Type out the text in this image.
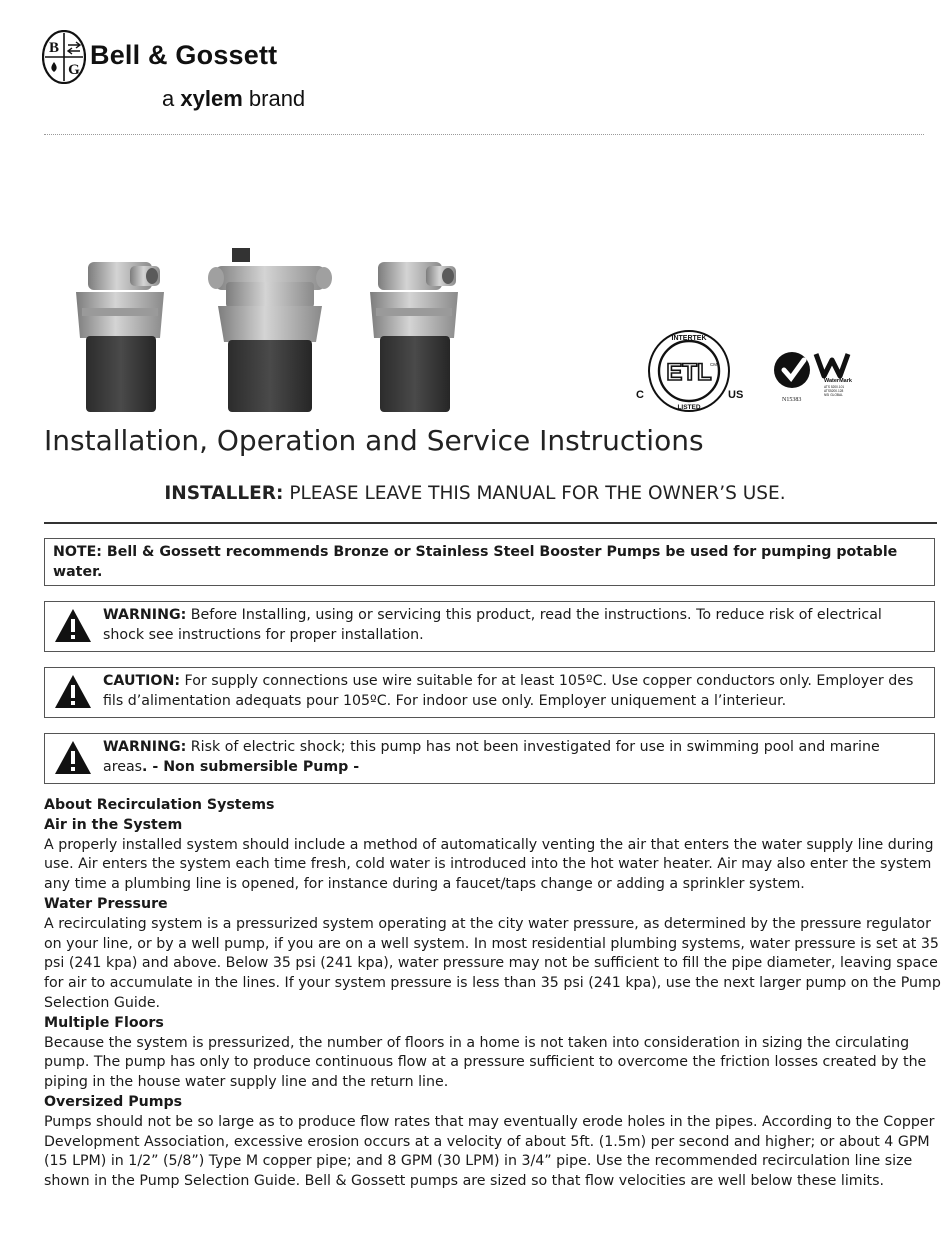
B
G Bell & Gossett
a xylem brand
INTERTEK
ETL
LISTED
C	US
CM
WaterMark
ATS 5200.101
ATS5200.128
NSI GLOBAL
N15383
Installation, Operation and Service Instructions
INSTALLER: PLEASE LEAVE THIS MANUAL FOR THE OWNER’S USE.
NOTE: Bell & Gossett recommends Bronze or Stainless Steel Booster Pumps be used for pumping potable water.
WARNING: Before Installing, using or servicing this product, read the instructions. To reduce risk of electrical shock see instructions for proper installation.
CAUTION: For supply connections use wire suitable for at least 105ºC. Use copper conductors only. Employer des fils d’alimentation adequats pour 105ºC. For indoor use only. Employer uniquement a l’interieur.
WARNING: Risk of electric shock; this pump has not been investigated for use in swimming pool and marine areas. - Non submersible Pump -
About Recirculation Systems
Air in the System

A properly installed system should include a method of automatically venting the air that enters the water supply line during use. Air enters the system each time fresh, cold water is introduced into the hot water heater. Air may also enter the system any time a plumbing line is opened, for instance during a faucet/taps change or adding a sprinkler system.

Water Pressure

A recirculating system is a pressurized system operating at the city water pressure, as determined by the pressure regulator on your line, or by a well pump, if you are on a well system. In most residential plumbing systems, water pressure is set at 35 psi (241 kpa) and above. Below 35 psi (241 kpa), water pressure may not be sufficient to fill the pipe diameter, leaving space for air to accumulate in the lines. If your system pressure is less than 35 psi (241 kpa), use the next larger pump on the Pump Selection Guide.

Multiple Floors

Because the system is pressurized, the number of floors in a home is not taken into consideration in sizing the circulating pump. The pump has only to produce continuous flow at a pressure sufficient to overcome the friction losses created by the piping in the house water supply line and the return line.

Oversized Pumps

Pumps should not be so large as to produce flow rates that may eventually erode holes in the pipes. According to the Copper Development Association, excessive erosion occurs at a velocity of about 5ft. (1.5m) per second and higher; or about 4 GPM (15 LPM) in 1/2” (5/8”) Type M copper pipe; and 8 GPM (30 LPM) in 3/4” pipe. Use the recommended recirculation line size shown in the Pump Selection Guide. Bell & Gossett pumps are sized so that flow velocities are well below these limits.
